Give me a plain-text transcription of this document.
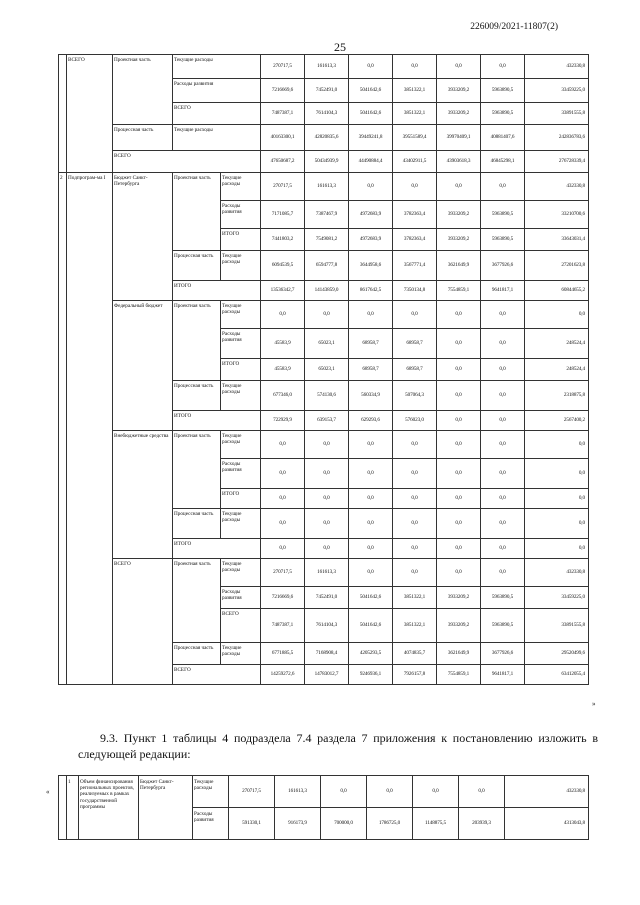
226009/2021-11807(2)
25
	ВСЕГО	Проектная часть	Текущие расходы		270717,5	161613,3	0,0	0,0	0,0	0,0	432330,8
			Расходы развития		7216669,6	7452491,0	5041642,6	3851322,1	3933209,2	5963890,5	33459225,0
			ВСЕГО		7487387,1	7614104,3	5041642,6	3851322,1	3933209,2	5963890,5	33891555,8
		Процессная часть	Текущие расходы		40163300,1	42820835,6	39449241,8	39551589,4	39970409,1	40881407,6	242836783,6
		ВСЕГО			47650687,2	50434939,9	44490884,4	43402911,5	43903618,3	46845298,1	276728339,4
2	Подпрограм-ма I	Бюджет Санкт-Петербурга	Проектная часть	Текущие расходы	270717,5	161613,3	0,0	0,0	0,0	0,0	432330,8
				Расходы развития	7171085,7	7387467,9	4972683,9	3782363,4	3933209,2	5963890,5	33210700,6
				ИТОГО	7441803,2	7549081,2	4972683,9	3782363,4	3933209,2	5963890,5	33643031,4
			Процессная часть	Текущие расходы	6094539,5	6594777,8	3644958,6	3567771,4	3621649,9	3677926,6	27201623,8
			ИТОГО		13536342,7	14143859,0	8617642,5	7350134,8	7554859,1	9641817,1	60844655,2
		Федеральный бюджет	Проектная часть	Текущие расходы	0,0	0,0	0,0	0,0	0,0	0,0	0,0
				Расходы развития	45583,9	65023,1	68958,7	68958,7	0,0	0,0	248524,4
				ИТОГО	45583,9	65023,1	68958,7	68958,7	0,0	0,0	248524,4
			Процессная часть	Текущие расходы	677346,0	574130,6	560334,9	507064,3	0,0	0,0	2318875,8
			ИТОГО		722929,9	639153,7	629293,6	576023,0	0,0	0,0	2567400,2
		Внебюджетные средства	Проектная часть	Текущие расходы	0,0	0,0	0,0	0,0	0,0	0,0	0,0
				Расходы развития	0,0	0,0	0,0	0,0	0,0	0,0	0,0
				ИТОГО	0,0	0,0	0,0	0,0	0,0	0,0	0,0
			Процессная часть	Текущие расходы	0,0	0,0	0,0	0,0	0,0	0,0	0,0
			ИТОГО		0,0	0,0	0,0	0,0	0,0	0,0	0,0
		ВСЕГО	Проектная часть	Текущие расходы	270717,5	161613,3	0,0	0,0	0,0	0,0	432330,8
				Расходы развития	7216669,6	7452491,0	5041642,6	3851322,1	3933209,2	5963890,5	33459225,0
				ВСЕГО	7487387,1	7614104,3	5041642,6	3851322,1	3933209,2	5963890,5	33891555,8
			Процессная часть	Текущие расходы	6771885,5	7168908,4	4205293,5	4074835,7	3621649,9	3677926,6	29520499,6
			ВСЕГО		14259272,6	14783012,7	9246936,1	7926157,8	7554859,1	9641817,1	63412055,4
»
9.3. Пункт 1 таблицы 4 подраздела 7.4 раздела 7 приложения к постановлению изложить в следующей редакции:
«
	1	Объем финансирования региональных проектов, реализуемых в рамках государственной программы	Бюджет Санкт-Петербурга	Текущие расходы	270717,5	161613,3	0,0	0,0	0,0	0,0	432330,8
				Расходы развития	591330,1	916173,9	700000,0	1786725,0	1148875,5	203939,3	4313043,8
